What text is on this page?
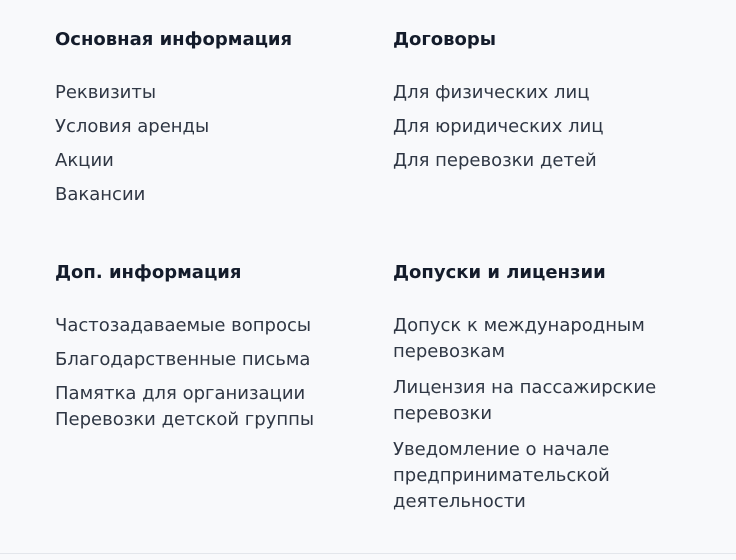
Основная информация
Реквизиты
Условия аренды
Акции
Вакансии
Договоры
Для физических лиц
Для юридических лиц
Для перевозки детей
Доп. информация
Частозадаваемые вопросы
Благодарственные письма
Памятка для организации
Перевозки детской группы
Допуски и лицензии
Допуск к международным перевозкам
Лицензия на пассажирские перевозки
Уведомление о начале предпринимательской деятельности
